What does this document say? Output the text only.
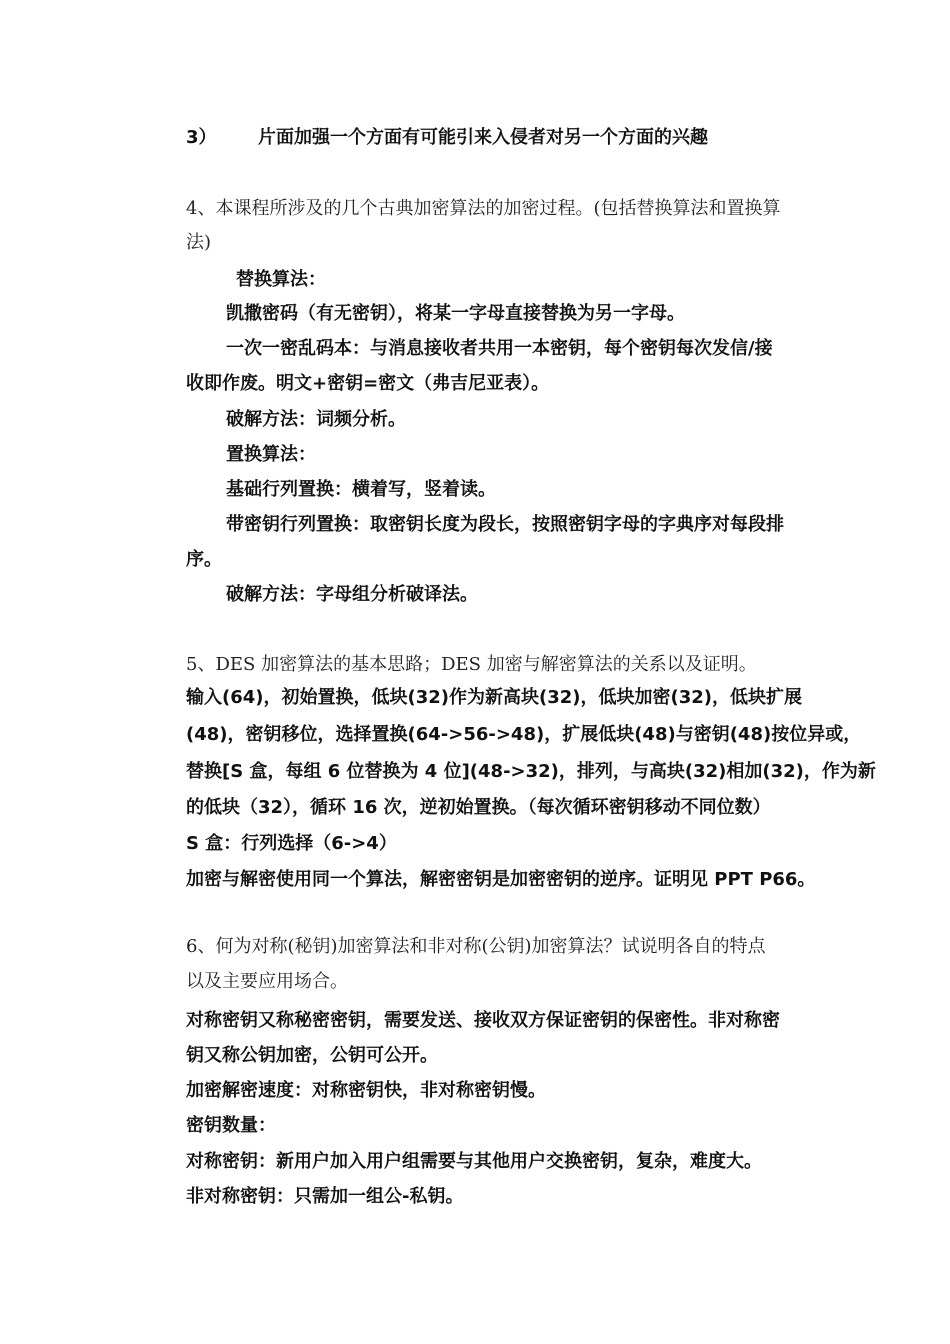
3） 片面加强一个方面有可能引来入侵者对另一个方面的兴趣
4、本课程所涉及的几个古典加密算法的加密过程。(包括替换算法和置换算
法)
替换算法：
凯撒密码（有无密钥），将某一字母直接替换为另一字母。
一次一密乱码本：与消息接收者共用一本密钥，每个密钥每次发信/接
收即作废。明文+密钥=密文（弗吉尼亚表）。
破解方法：词频分析。
置换算法：
基础行列置换：横着写，竖着读。
带密钥行列置换：取密钥长度为段长，按照密钥字母的字典序对每段排
序。
破解方法：字母组分析破译法。
5、DES 加密算法的基本思路；DES 加密与解密算法的关系以及证明。
输入(64)，初始置换，低块(32)作为新高块(32)，低块加密(32)，低块扩展
(48)，密钥移位，选择置换(64->56->48)，扩展低块(48)与密钥(48)按位异或，
替换[S 盒，每组 6 位替换为 4 位](48->32)，排列，与高块(32)相加(32)，作为新
的低块（32），循环 16 次，逆初始置换。（每次循环密钥移动不同位数）
S 盒：行列选择（6->4）
加密与解密使用同一个算法，解密密钥是加密密钥的逆序。证明见 PPT P66。
6、何为对称(秘钥)加密算法和非对称(公钥)加密算法？试说明各自的特点
以及主要应用场合。
对称密钥又称秘密密钥，需要发送、接收双方保证密钥的保密性。非对称密
钥又称公钥加密，公钥可公开。
加密解密速度：对称密钥快，非对称密钥慢。
密钥数量：
对称密钥：新用户加入用户组需要与其他用户交换密钥，复杂，难度大。
非对称密钥：只需加一组公-私钥。
